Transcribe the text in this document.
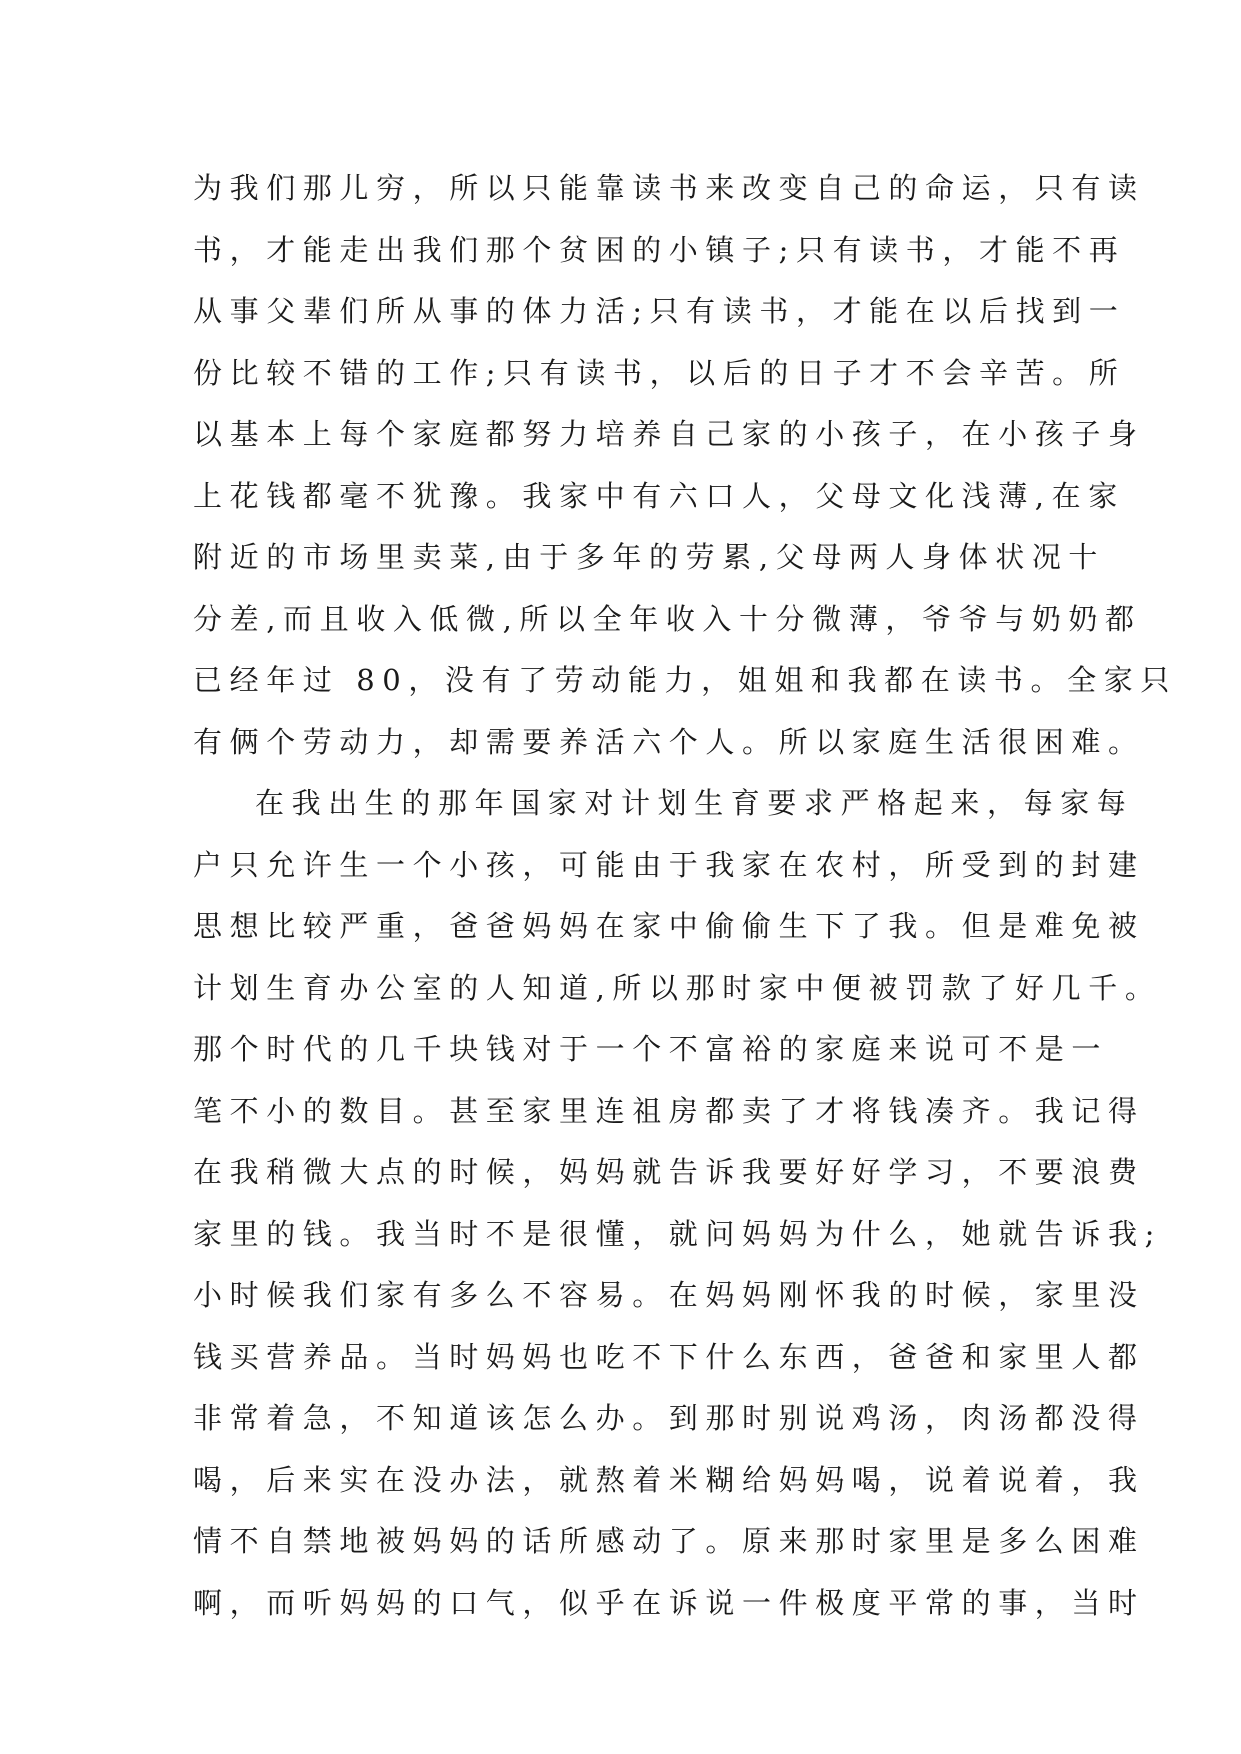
为我们那儿穷，所以只能靠读书来改变自己的命运，只有读
书，才能走出我们那个贫困的小镇子;只有读书，才能不再
从事父辈们所从事的体力活;只有读书，才能在以后找到一
份比较不错的工作;只有读书，以后的日子才不会辛苦。所
以基本上每个家庭都努力培养自己家的小孩子，在小孩子身
上花钱都毫不犹豫。我家中有六口人，父母文化浅薄,在家
附近的市场里卖菜,由于多年的劳累,父母两人身体状况十
分差,而且收入低微,所以全年收入十分微薄，爷爷与奶奶都
已经年过 80，没有了劳动能力，姐姐和我都在读书。全家只
有俩个劳动力，却需要养活六个人。所以家庭生活很困难。
在我出生的那年国家对计划生育要求严格起来，每家每
户只允许生一个小孩，可能由于我家在农村，所受到的封建
思想比较严重，爸爸妈妈在家中偷偷生下了我。但是难免被
计划生育办公室的人知道,所以那时家中便被罚款了好几千。
那个时代的几千块钱对于一个不富裕的家庭来说可不是一
笔不小的数目。甚至家里连祖房都卖了才将钱凑齐。我记得
在我稍微大点的时候，妈妈就告诉我要好好学习，不要浪费
家里的钱。我当时不是很懂，就问妈妈为什么，她就告诉我;
小时候我们家有多么不容易。在妈妈刚怀我的时候，家里没
钱买营养品。当时妈妈也吃不下什么东西，爸爸和家里人都
非常着急，不知道该怎么办。到那时别说鸡汤，肉汤都没得
喝，后来实在没办法，就熬着米糊给妈妈喝，说着说着，我
情不自禁地被妈妈的话所感动了。原来那时家里是多么困难
啊，而听妈妈的口气，似乎在诉说一件极度平常的事，当时
